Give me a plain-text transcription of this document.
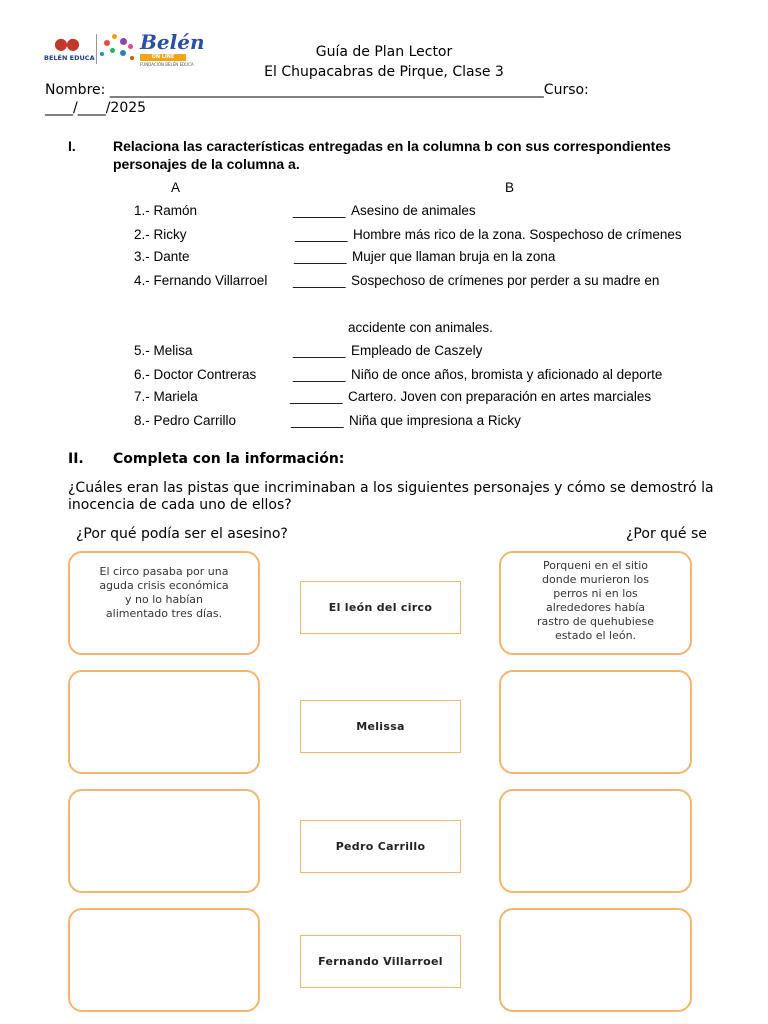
●●
BELÉN EDUCA
Belén
ON LINE
FUNDACIÓN BELÉN EDUCA
Guía de Plan Lector
El Chupacabras de Pirque, Clase 3
Nombre: ______________________________________________________________Curso:
____/____/2025
I.	Relaciona las características entregadas en la columna b con sus correspondientes
personajes de la columna a.
A	B
1.- Ramón	_______ Asesino de animales
2.- Ricky	_______ Hombre más rico de la zona. Sospechoso de crímenes
3.- Dante	_______ Mujer que llaman bruja en la zona
4.- Fernando Villarroel _______ Sospechoso de crímenes por perder a su madre en
accidente con animales.
5.- Melisa	_______ Empleado de Caszely
6.- Doctor Contreras	_______ Niño de once años, bromista y aficionado al deporte
7.- Mariela	_______ Cartero. Joven con preparación en artes marciales
8.- Pedro Carrillo	_______ Niña que impresiona a Ricky
II. Completa con la información:
¿Cuáles eran las pistas que incriminaban a los siguientes personajes y cómo se demostró la
inocencia de cada uno de ellos?
¿Por qué podía ser el asesino?	¿Por qué se
El circo pasaba por una
aguda crisis económica
y no lo habían
alimentado tres días.	El león del circo
Porqueni en el sitio
donde murieron los
perros ni en los
alrededores había
rastro de quehubiese
estado el león.
Melissa
Pedro Carrillo
Fernando Villarroel
